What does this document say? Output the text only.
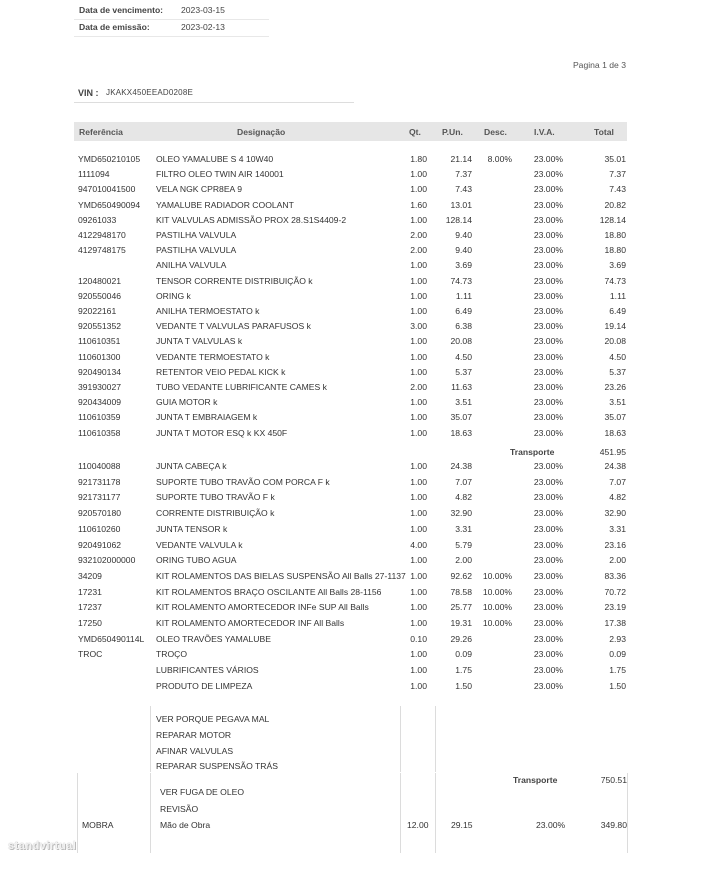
Data de vencimento: 2023-03-15
Data de emissão:	2023-02-13
Pagina 1 de 3
VIN : JKAKX450EEAD0208E
Referência	Designação	Qt. P.Un. Desc.	I.V.A.	Total
YMD650210105 OLEO YAMALUBE S 4 10W40	1.80	21.14 8.00%	23.00%	35.01
1111094	FILTRO OLEO TWIN AIR 140001	1.00	7.37	23.00%	7.37
947010041500 VELA NGK CPR8EA 9	1.00	7.43	23.00%	7.43
YMD650490094 YAMALUBE RADIADOR COOLANT	1.60	13.01	23.00%	20.82
09261033	KIT VALVULAS ADMISSÃO PROX 28.S1S4409-2	1.00 128.14	23.00%	128.14
4122948170	PASTILHA VALVULA	2.00	9.40	23.00%	18.80
4129748175	PASTILHA VALVULA	2.00	9.40	23.00%	18.80
ANILHA VALVULA	1.00	3.69	23.00%	3.69
120480021	TENSOR CORRENTE DISTRIBUIÇÃO k	1.00	74.73	23.00%	74.73
920550046	ORING k	1.00	1.11	23.00%	1.11
92022161	ANILHA TERMOESTATO k	1.00	6.49	23.00%	6.49
920551352	VEDANTE T VALVULAS PARAFUSOS k	3.00	6.38	23.00%	19.14
110610351	JUNTA T VALVULAS k	1.00	20.08	23.00%	20.08
110601300	VEDANTE TERMOESTATO k	1.00	4.50	23.00%	4.50
920490134	RETENTOR VEIO PEDAL KICK k	1.00	5.37	23.00%	5.37
391930027	TUBO VEDANTE LUBRIFICANTE CAMES k	2.00	11.63	23.00%	23.26
920434009	GUIA MOTOR k	1.00	3.51	23.00%	3.51
110610359	JUNTA T EMBRAIAGEM k	1.00	35.07	23.00%	35.07
110610358	JUNTA T MOTOR ESQ k KX 450F	1.00	18.63	23.00%	18.63
Transporte	451.95
110040088	JUNTA CABEÇA k	1.00	24.38	23.00%	24.38
921731178	SUPORTE TUBO TRAVÃO COM PORCA F k	1.00	7.07	23.00%	7.07
921731177	SUPORTE TUBO TRAVÃO F k	1.00	4.82	23.00%	4.82
920570180	CORRENTE DISTRIBUIÇÃO k	1.00	32.90	23.00%	32.90
110610260	JUNTA TENSOR k	1.00	3.31	23.00%	3.31
920491062	VEDANTE VALVULA k	4.00	5.79	23.00%	23.16
932102000000 ORING TUBO AGUA	1.00	2.00	23.00%	2.00
34209	KIT ROLAMENTOS DAS BIELAS SUSPENSÃO All Balls 27-1137 1.00	92.62 10.00%	23.00%	83.36
17231	KIT ROLAMENTOS BRAÇO OSCILANTE All Balls 28-1156	1.00	78.58 10.00%	23.00%	70.72
17237	KIT ROLAMENTO AMORTECEDOR INFe SUP All Balls	1.00	25.77 10.00%	23.00%	23.19
17250	KIT ROLAMENTO AMORTECEDOR INF All Balls	1.00	19.31 10.00%	23.00%	17.38
YMD650490114L OLEO TRAVÕES YAMALUBE	0.10	29.26	23.00%	2.93
TROC	TROÇO	1.00	0.09	23.00%	0.09
LUBRIFICANTES VÁRIOS	1.00	1.75	23.00%	1.75
PRODUTO DE LIMPEZA	1.00	1.50	23.00%	1.50
VER PORQUE PEGAVA MAL
REPARAR MOTOR
AFINAR VALVULAS
REPARAR SUSPENSÃO TRÁS
Transporte	750.51
VER FUGA DE OLEO
REVISÃO
MOBRA	Mão de Obra	12.00	29.15	23.00%	349.80
standvirtual
